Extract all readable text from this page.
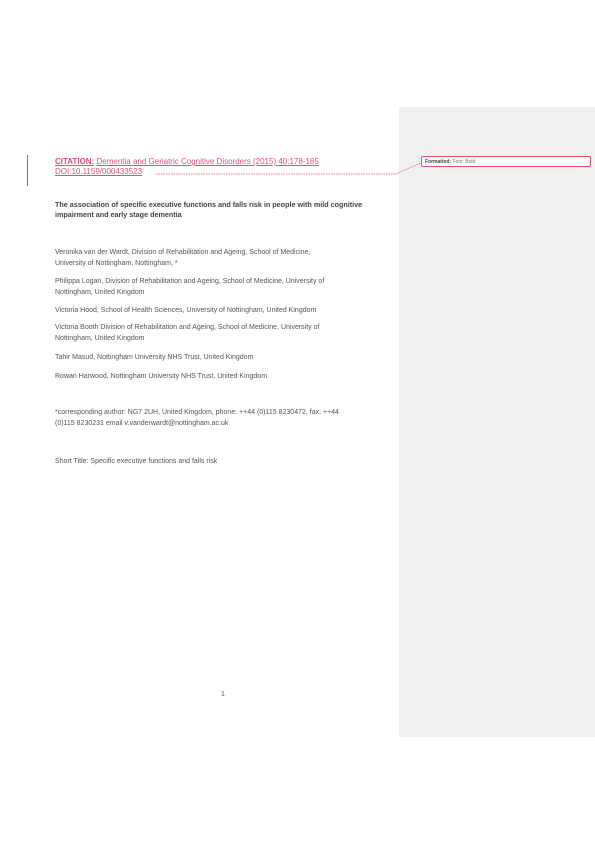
Formatted: Font: Bold
CITATION: Dementia and Geriatric Cognitive Disorders (2015) 40:178-185
DOI:10.1159/000433523
The association of specific executive functions and falls risk in people with mild cognitive impairment and early stage dementia
Veronika van der Wardt, Division of Rehabilitation and Ageing, School of Medicine,
University of Nottingham, Nottingham, *
Philippa Logan, Division of Rehabilitation and Ageing, School of Medicine, University of
Nottingham, United Kingdom
Victoria Hood, School of Health Sciences, University of Nottingham, United Kingdom
Victoria Booth Division of Rehabilitation and Ageing, School of Medicine, University of
Nottingham, United Kingdom
Tahir Masud, Nottingham University NHS Trust, United Kingdom
Rowan Harwood, Nottingham University NHS Trust, United Kingdom
*corresponding author: NG7 2UH, United Kingdom, phone: ++44 (0)115 8230472, fax: ++44
(0)115 8230231 email v.vanderwardt@nottingham.ac.uk
Short Title: Specific executive functions and falls risk
1
